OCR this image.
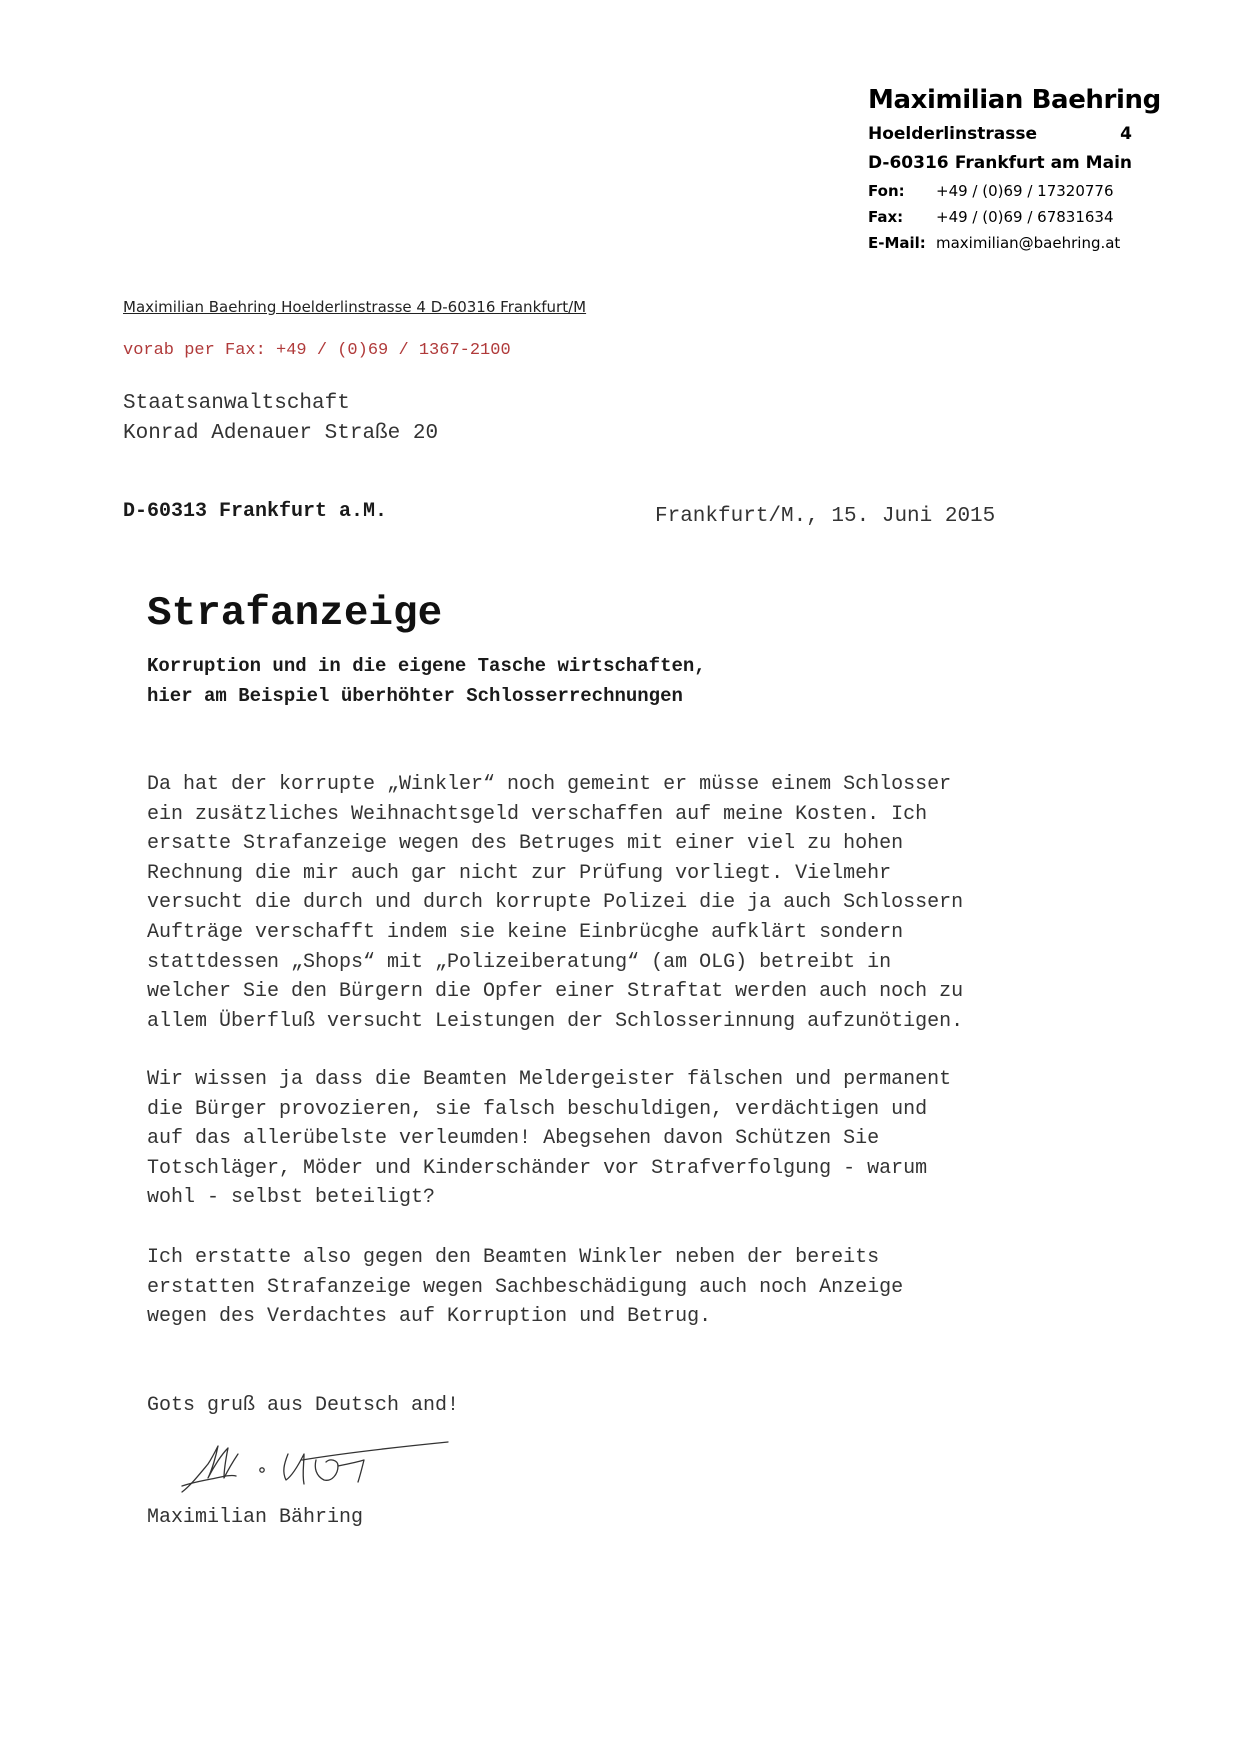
Maximilian Baehring
Hoelderlinstrasse	4
D-60316 Frankfurt am Main
Fon:	+49 / (0)69 / 17320776
Fax:	+49 / (0)69 / 67831634
E-Mail: maximilian@baehring.at
Maximilian Baehring Hoelderlinstrasse 4 D-60316 Frankfurt/M
vorab per Fax: +49 / (0)69 / 1367-2100
Staatsanwaltschaft
Konrad Adenauer Straße 20
D-60313 Frankfurt a.M.	Frankfurt/M., 15. Juni 2015
Strafanzeige
Korruption und in die eigene Tasche wirtschaften,
hier am Beispiel überhöhter Schlosserrechnungen
Da hat der korrupte „Winkler“ noch gemeint er müsse einem Schlosser
ein zusätzliches Weihnachtsgeld verschaffen auf meine Kosten. Ich
ersatte Strafanzeige wegen des Betruges mit einer viel zu hohen
Rechnung die mir auch gar nicht zur Prüfung vorliegt. Vielmehr
versucht die durch und durch korrupte Polizei die ja auch Schlossern
Aufträge verschafft indem sie keine Einbrücghe aufklärt sondern
stattdessen „Shops“ mit „Polizeiberatung“ (am OLG) betreibt in
welcher Sie den Bürgern die Opfer einer Straftat werden auch noch zu
allem Überfluß versucht Leistungen der Schlosserinnung aufzunötigen.
Wir wissen ja dass die Beamten Meldergeister fälschen und permanent
die Bürger provozieren, sie falsch beschuldigen, verdächtigen und
auf das allerübelste verleumden! Abegsehen davon Schützen Sie
Totschläger, Möder und Kinderschänder vor Strafverfolgung - warum
wohl - selbst beteiligt?
Ich erstatte also gegen den Beamten Winkler neben der bereits
erstatten Strafanzeige wegen Sachbeschädigung auch noch Anzeige
wegen des Verdachtes auf Korruption und Betrug.
Gots gruß aus Deutsch and!
Maximilian Bähring
